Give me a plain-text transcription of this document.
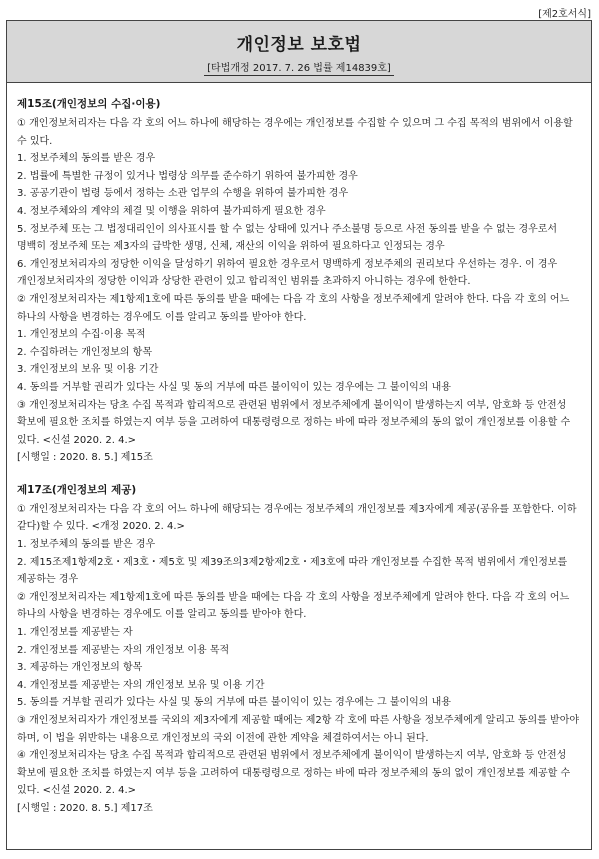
[제2호서식]
개인정보 보호법
[타법개정 2017. 7. 26 법률 제14839호]
제15조(개인정보의 수집·이용)

① 개인정보처리자는 다음 각 호의 어느 하나에 해당하는 경우에는 개인정보를 수집할 수 있으며 그 수집 목적의 범위에서 이용할 수 있다.

1. 정보주체의 동의를 받은 경우

2. 법률에 특별한 규정이 있거나 법령상 의무를 준수하기 위하여 불가피한 경우

3. 공공기관이 법령 등에서 정하는 소관 업무의 수행을 위하여 불가피한 경우

4. 정보주체와의 계약의 체결 및 이행을 위하여 불가피하게 필요한 경우

5. 정보주체 또는 그 법정대리인이 의사표시를 할 수 없는 상태에 있거나 주소불명 등으로 사전 동의를 받을 수 없는 경우로서 명백히 정보주체 또는 제3자의 급박한 생명, 신체, 재산의 이익을 위하여 필요하다고 인정되는 경우

6. 개인정보처리자의 정당한 이익을 달성하기 위하여 필요한 경우로서 명백하게 정보주체의 권리보다 우선하는 경우. 이 경우 개인정보처리자의 정당한 이익과 상당한 관련이 있고 합리적인 범위를 초과하지 아니하는 경우에 한한다.

② 개인정보처리자는 제1항제1호에 따른 동의를 받을 때에는 다음 각 호의 사항을 정보주체에게 알려야 한다. 다음 각 호의 어느 하나의 사항을 변경하는 경우에도 이를 알리고 동의를 받아야 한다.

1. 개인정보의 수집·이용 목적

2. 수집하려는 개인정보의 항목

3. 개인정보의 보유 및 이용 기간

4. 동의를 거부할 권리가 있다는 사실 및 동의 거부에 따른 불이익이 있는 경우에는 그 불이익의 내용

③ 개인정보처리자는 당초 수집 목적과 합리적으로 관련된 범위에서 정보주체에게 불이익이 발생하는지 여부, 암호화 등 안전성 확보에 필요한 조치를 하였는지 여부 등을 고려하여 대통령령으로 정하는 바에 따라 정보주체의 동의 없이 개인정보를 이용할 수 있다. <신설 2020. 2. 4.>

[시행일 : 2020. 8. 5.] 제15조

제17조(개인정보의 제공)

① 개인정보처리자는 다음 각 호의 어느 하나에 해당되는 경우에는 정보주체의 개인정보를 제3자에게 제공(공유를 포함한다. 이하 같다)할 수 있다. <개정 2020. 2. 4.>

1. 정보주체의 동의를 받은 경우

2. 제15조제1항제2호・제3호・제5호 및 제39조의3제2항제2호・제3호에 따라 개인정보를 수집한 목적 범위에서 개인정보를 제공하는 경우

② 개인정보처리자는 제1항제1호에 따른 동의를 받을 때에는 다음 각 호의 사항을 정보주체에게 알려야 한다. 다음 각 호의 어느 하나의 사항을 변경하는 경우에도 이를 알리고 동의를 받아야 한다.

1. 개인정보를 제공받는 자

2. 개인정보를 제공받는 자의 개인정보 이용 목적

3. 제공하는 개인정보의 항목

4. 개인정보를 제공받는 자의 개인정보 보유 및 이용 기간

5. 동의를 거부할 권리가 있다는 사실 및 동의 거부에 따른 불이익이 있는 경우에는 그 불이익의 내용

③ 개인정보처리자가 개인정보를 국외의 제3자에게 제공할 때에는 제2항 각 호에 따른 사항을 정보주체에게 알리고 동의를 받아야 하며, 이 법을 위반하는 내용으로 개인정보의 국외 이전에 관한 계약을 체결하여서는 아니 된다.

④ 개인정보처리자는 당초 수집 목적과 합리적으로 관련된 범위에서 정보주체에게 불이익이 발생하는지 여부, 암호화 등 안전성 확보에 필요한 조치를 하였는지 여부 등을 고려하여 대통령령으로 정하는 바에 따라 정보주체의 동의 없이 개인정보를 제공할 수 있다. <신설 2020. 2. 4.>

[시행일 : 2020. 8. 5.] 제17조
